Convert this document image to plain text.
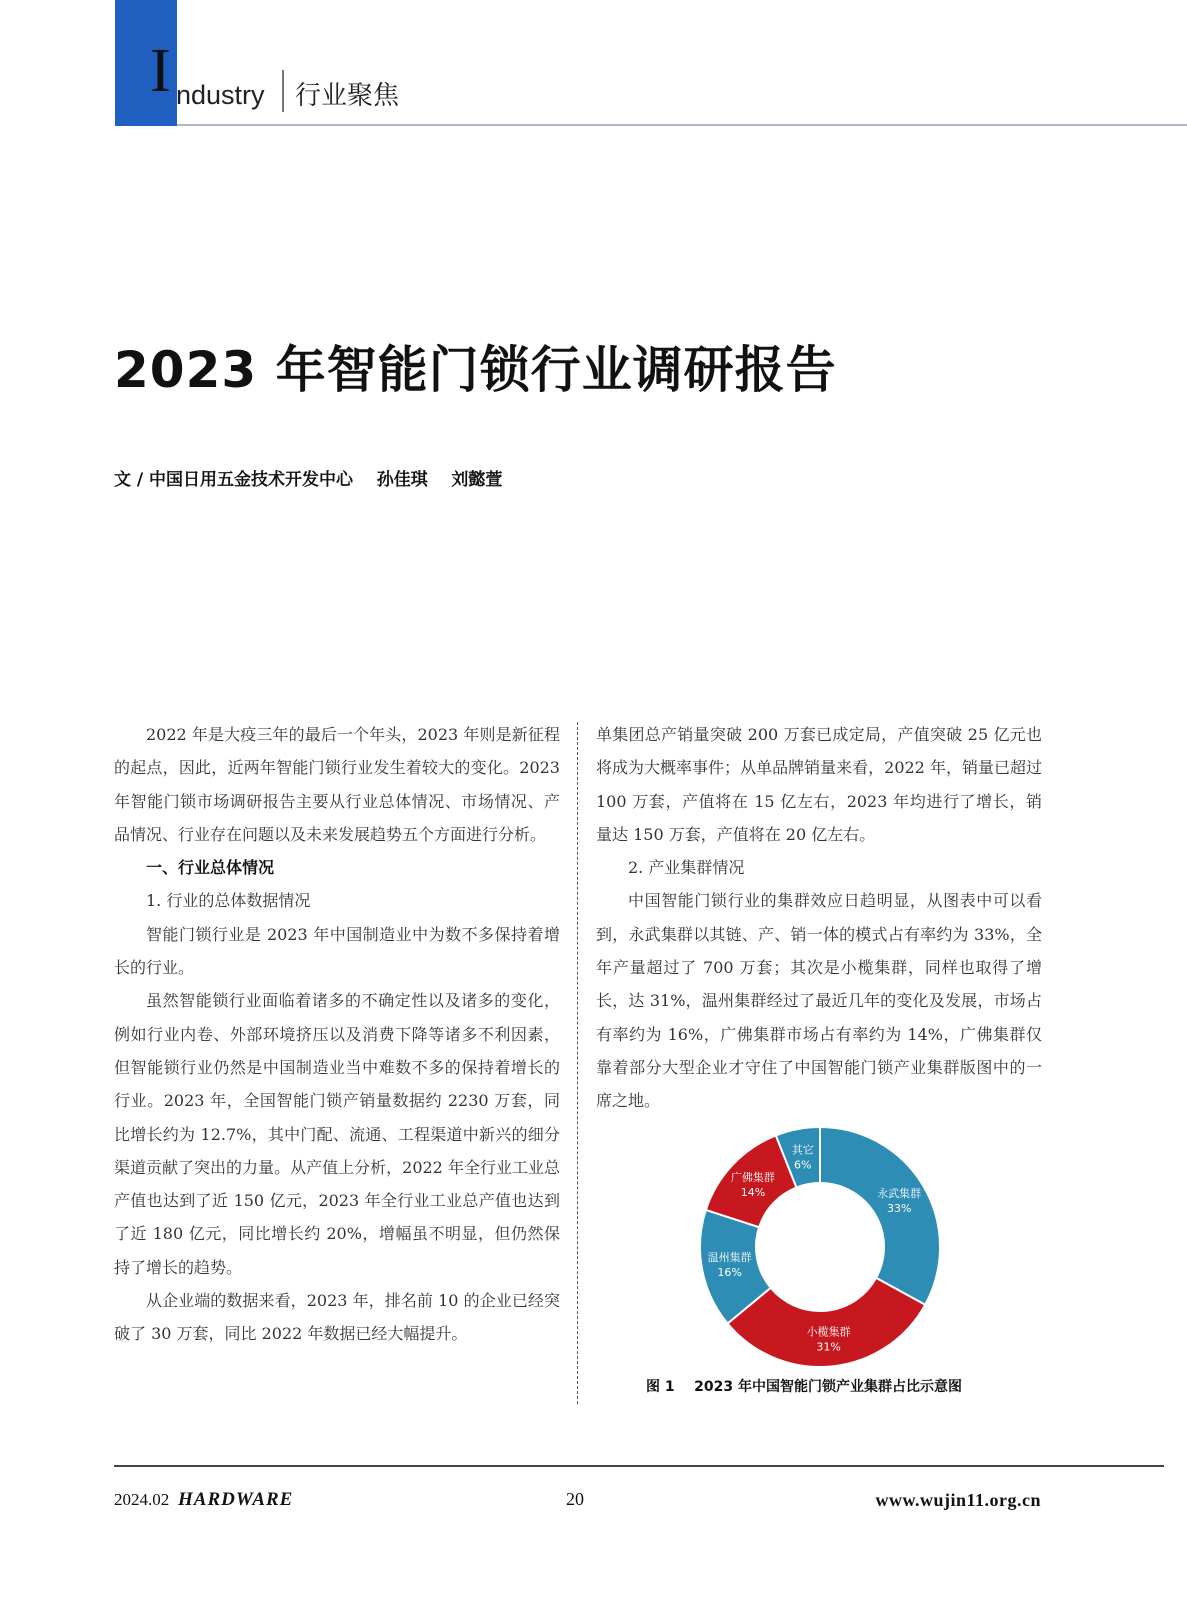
I ndustry 行业聚焦
2023 年智能门锁行业调研报告
文 / 中国日用五金技术开发中心    孙佳琪    刘懿萱

2022 年是大疫三年的最后一个年头，2023 年则是新征程的起点，因此，近两年智能门锁行业发生着较大的变化。2023 年智能门锁市场调研报告主要从行业总体情况、市场情况、产品情况、行业存在问题以及未来发展趋势五个方面进行分析。

一、行业总体情况

1. 行业的总体数据情况

智能门锁行业是 2023 年中国制造业中为数不多保持着增长的行业。

虽然智能锁行业面临着诸多的不确定性以及诸多的变化，例如行业内卷、外部环境挤压以及消费下降等诸多不利因素，但智能锁行业仍然是中国制造业当中难数不多的保持着增长的行业。2023 年，全国智能门锁产销量数据约 2230 万套，同比增长约为 12.7%，其中门配、流通、工程渠道中新兴的细分渠道贡献了突出的力量。从产值上分析，2022 年全行业工业总产值也达到了近 150 亿元，2023 年全行业工业总产值也达到了近 180 亿元，同比增长约 20%，增幅虽不明显，但仍然保持了增长的趋势。

从企业端的数据来看，2023 年，排名前 10 的企业已经突破了 30 万套，同比 2022 年数据已经大幅提升。

单集团总产销量突破 200 万套已成定局，产值突破 25 亿元也将成为大概率事件；从单品牌销量来看，2022 年，销量已超过 100 万套，产值将在 15 亿左右，2023 年均进行了增长，销量达 150 万套，产值将在 20 亿左右。

2. 产业集群情况

中国智能门锁行业的集群效应日趋明显，从图表中可以看到，永武集群以其链、产、销一体的模式占有率约为 33%，全年产量超过了 700 万套；其次是小榄集群，同样也取得了增长，达 31%，温州集群经过了最近几年的变化及发展，市场占有率约为 16%，广佛集群市场占有率约为 14%，广佛集群仅靠着部分大型企业才守住了中国智能门锁产业集群版图中的一席之地。

永武集群
33%
小榄集群
31%
温州集群
16%
广佛集群
14%
其它
6%
图 1    2023 年中国智能门锁产业集群占比示意图
2024.02 HARDWARE	20	www.wujin11.org.cn
